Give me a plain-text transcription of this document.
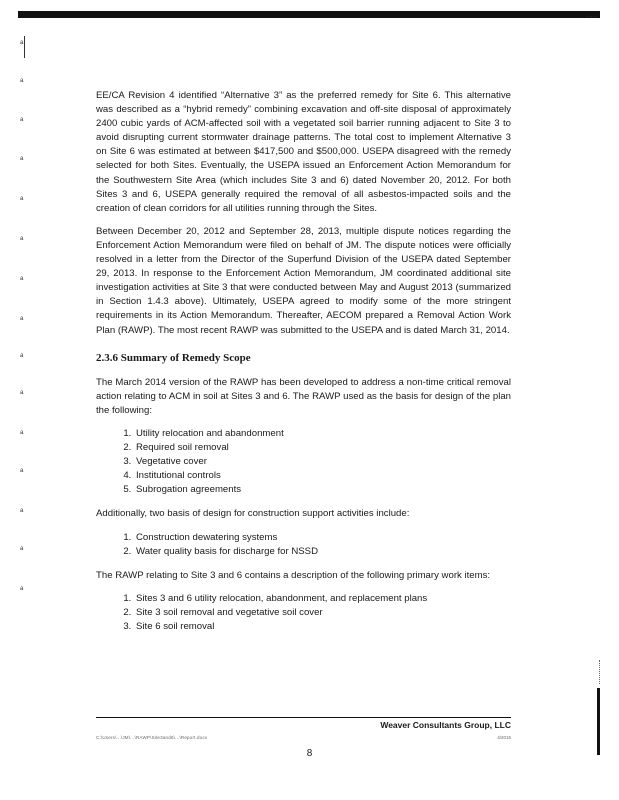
· · · · ·
a
a
a
a
a
a
a
a
a
a
a
a
a
a
a

EE/CA Revision 4 identified “Alternative 3” as the preferred remedy for Site 6. This alternative was described as a “hybrid remedy” combining excavation and off-site disposal of approximately 2400 cubic yards of ACM-affected soil with a vegetated soil barrier running adjacent to Site 3 to avoid disrupting current stormwater drainage patterns. The total cost to implement Alternative 3 on Site 6 was estimated at between $417,500 and $500,000. USEPA disagreed with the remedy selected for both Sites. Eventually, the USEPA issued an Enforcement Action Memorandum for the Southwestern Site Area (which includes Site 3 and 6) dated November 20, 2012. For both Sites 3 and 6, USEPA generally required the removal of all asbestos-impacted soils and the creation of clean corridors for all utilities running through the Sites.

Between December 20, 2012 and September 28, 2013, multiple dispute notices regarding the Enforcement Action Memorandum were filed on behalf of JM. The dispute notices were officially resolved in a letter from the Director of the Superfund Division of the USEPA dated September 29, 2013. In response to the Enforcement Action Memorandum, JM coordinated additional site investigation activities at Site 3 that were conducted between May and August 2013 (summarized in Section 1.4.3 above). Ultimately, USEPA agreed to modify some of the more stringent requirements in its Action Memorandum. Thereafter, AECOM prepared a Removal Action Work Plan (RAWP). The most recent RAWP was submitted to the USEPA and is dated March 31, 2014.

2.3.6 Summary of Remedy Scope

The March 2014 version of the RAWP has been developed to address a non-time critical removal action relating to ACM in soil at Sites 3 and 6. The RAWP used as the basis for design of the plan the following:

1. Utility relocation and abandonment
2. Required soil removal
3. Vegetative cover
4. Institutional controls
5. Subrogation agreements

Additionally, two basis of design for construction support activities include:

1. Construction dewatering systems
2. Water quality basis for discharge for NSSD

The RAWP relating to Site 3 and 6 contains a description of the following primary work items:

1. Sites 3 and 6 utility relocation, abandonment, and replacement plans
2. Site 3 soil removal and vegetative soil cover
3. Site 6 soil removal
Weaver Consultants Group, LLC
C:\Users\...\JM\...\RAWP\Site3and6\...\Report.docx	4/2015
8
